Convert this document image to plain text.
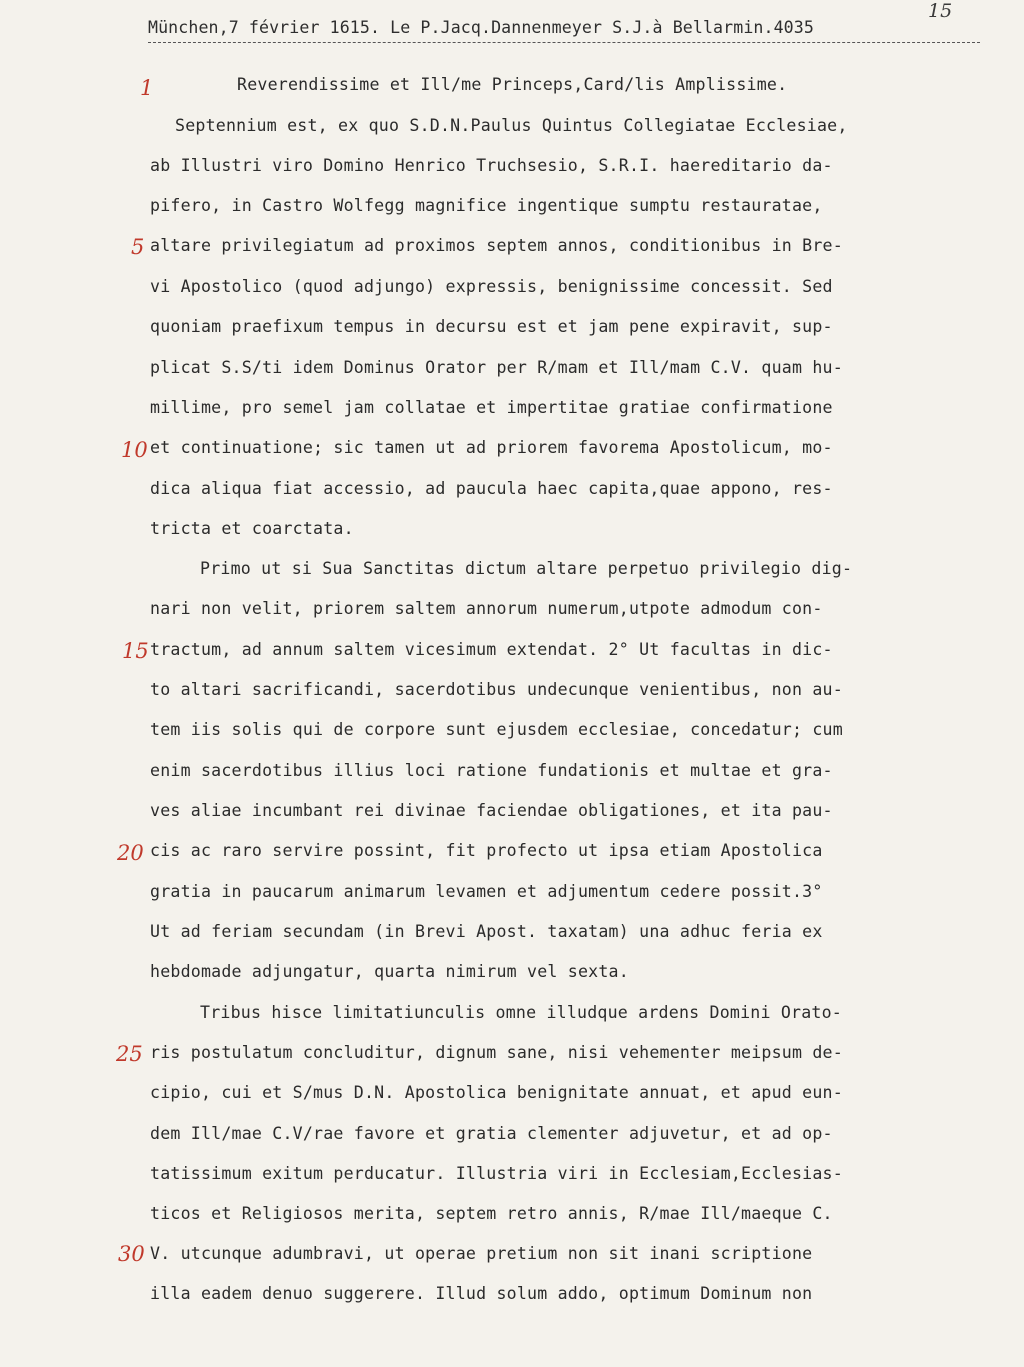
München,7 février 1615. Le P.Jacq.Dannenmeyer S.J.à Bellarmin.4035
15
Reverendissime et Ill/me Princeps,Card/lis Amplissime.
Septennium est, ex quo S.D.N.Paulus Quintus Collegiatae Ecclesiae,
ab Illustri viro Domino Henrico Truchsesio, S.R.I. haereditario da-
pifero, in Castro Wolfegg magnifice ingentique sumptu restauratae,
altare privilegiatum ad proximos septem annos, conditionibus in Bre-
vi Apostolico (quod adjungo) expressis, benignissime concessit. Sed
quoniam praefixum tempus in decursu est et jam pene expiravit, sup-
plicat S.S/ti idem Dominus Orator per R/mam et Ill/mam C.V. quam hu-
millime, pro semel jam collatae et impertitae gratiae confirmatione
et continuatione; sic tamen ut ad priorem favorema Apostolicum, mo-
dica aliqua fiat accessio, ad paucula haec capita,quae appono, res-
tricta et coarctata.
Primo ut si Sua Sanctitas dictum altare perpetuo privilegio dig-
nari non velit, priorem saltem annorum numerum,utpote admodum con-
tractum, ad annum saltem vicesimum extendat. 2° Ut facultas in dic-
to altari sacrificandi, sacerdotibus undecunque venientibus, non au-
tem iis solis qui de corpore sunt ejusdem ecclesiae, concedatur; cum
enim sacerdotibus illius loci ratione fundationis et multae et gra-
ves aliae incumbant rei divinae faciendae obligationes, et ita pau-
cis ac raro servire possint, fit profecto ut ipsa etiam Apostolica
gratia in paucarum animarum levamen et adjumentum cedere possit.3°
Ut ad feriam secundam (in Brevi Apost. taxatam) una adhuc feria ex
hebdomade adjungatur, quarta nimirum vel sexta.
Tribus hisce limitatiunculis omne illudque ardens Domini Orato-
ris postulatum concluditur, dignum sane, nisi vehementer meipsum de-
cipio, cui et S/mus D.N. Apostolica benignitate annuat, et apud eun-
dem Ill/mae C.V/rae favore et gratia clementer adjuvetur, et ad op-
tatissimum exitum perducatur. Illustria viri in Ecclesiam,Ecclesias-
ticos et Religiosos merita, septem retro annis, R/mae Ill/maeque C.
V. utcunque adumbravi, ut operae pretium non sit inani scriptione
illa eadem denuo suggerere. Illud solum addo, optimum Dominum non
1
5
10
15
20
25
30
